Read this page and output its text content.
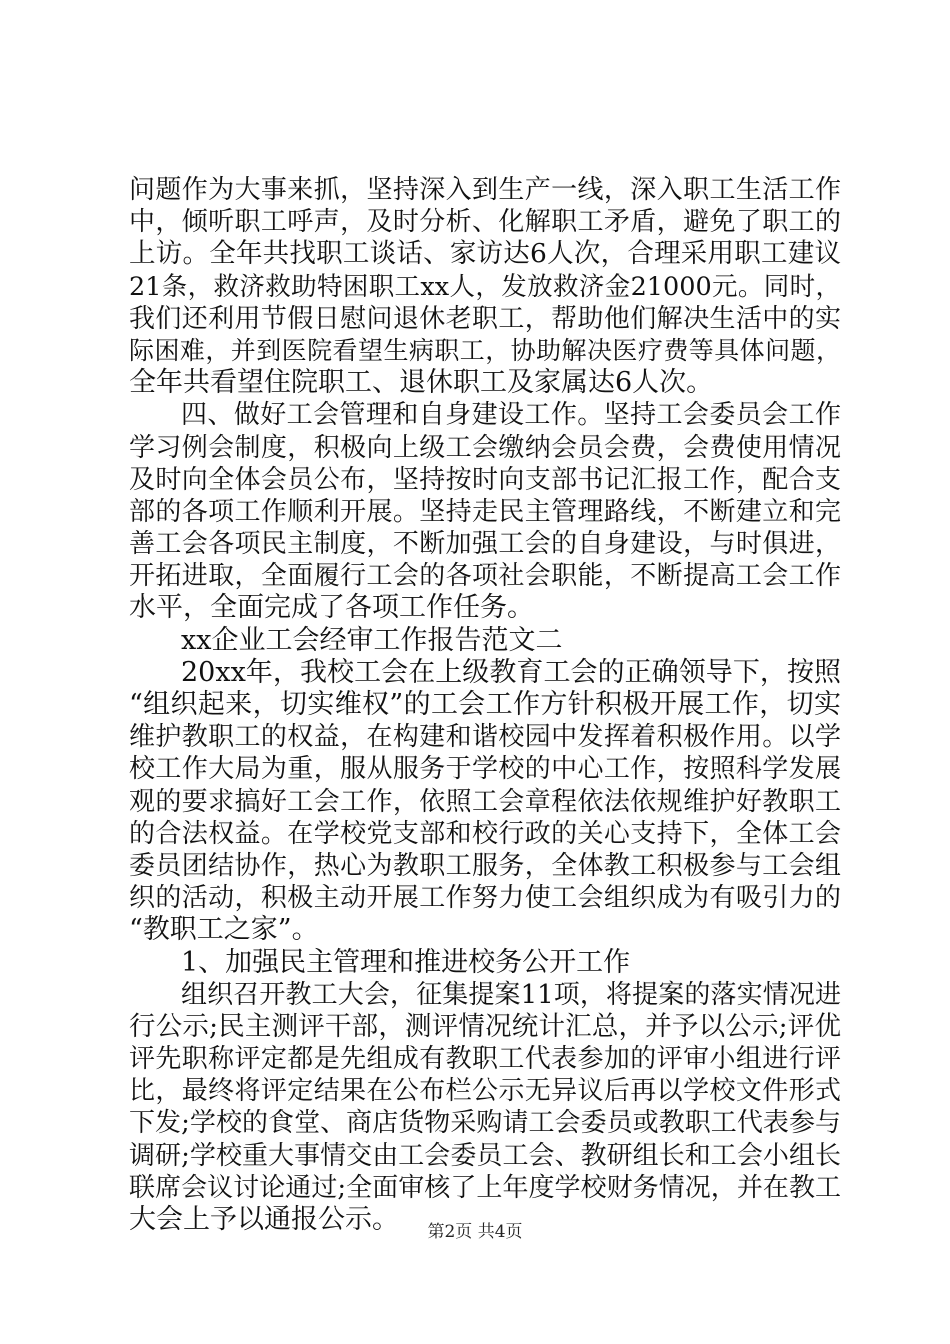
问题作为大事来抓，坚持深入到生产一线，深入职工生活工作
中，倾听职工呼声，及时分析、化解职工矛盾，避免了职工的
上访。全年共找职工谈话、家访达6人次，合理采用职工建议
21条，救济救助特困职工xx人，发放救济金21000元。同时，
我们还利用节假日慰问退休老职工，帮助他们解决生活中的实
际困难，并到医院看望生病职工，协助解决医疗费等具体问题，
全年共看望住院职工、退休职工及家属达6人次。
四、做好工会管理和自身建设工作。坚持工会委员会工作
学习例会制度，积极向上级工会缴纳会员会费，会费使用情况
及时向全体会员公布，坚持按时向支部书记汇报工作，配合支
部的各项工作顺利开展。坚持走民主管理路线，不断建立和完
善工会各项民主制度，不断加强工会的自身建设，与时俱进，
开拓进取，全面履行工会的各项社会职能，不断提高工会工作
水平，全面完成了各项工作任务。
xx企业工会经审工作报告范文二
20xx年，我校工会在上级教育工会的正确领导下，按照
“组织起来，切实维权”的工会工作方针积极开展工作，切实
维护教职工的权益，在构建和谐校园中发挥着积极作用。以学
校工作大局为重，服从服务于学校的中心工作，按照科学发展
观的要求搞好工会工作，依照工会章程依法依规维护好教职工
的合法权益。在学校党支部和校行政的关心支持下，全体工会
委员团结协作，热心为教职工服务，全体教工积极参与工会组
织的活动，积极主动开展工作努力使工会组织成为有吸引力的
“教职工之家”。
1、加强民主管理和推进校务公开工作
组织召开教工大会，征集提案11项，将提案的落实情况进
行公示;民主测评干部，测评情况统计汇总，并予以公示;评优
评先职称评定都是先组成有教职工代表参加的评审小组进行评
比，最终将评定结果在公布栏公示无异议后再以学校文件形式
下发;学校的食堂、商店货物采购请工会委员或教职工代表参与
调研;学校重大事情交由工会委员工会、教研组长和工会小组长
联席会议讨论通过;全面审核了上年度学校财务情况，并在教工
大会上予以通报公示。	第2页 共4页
